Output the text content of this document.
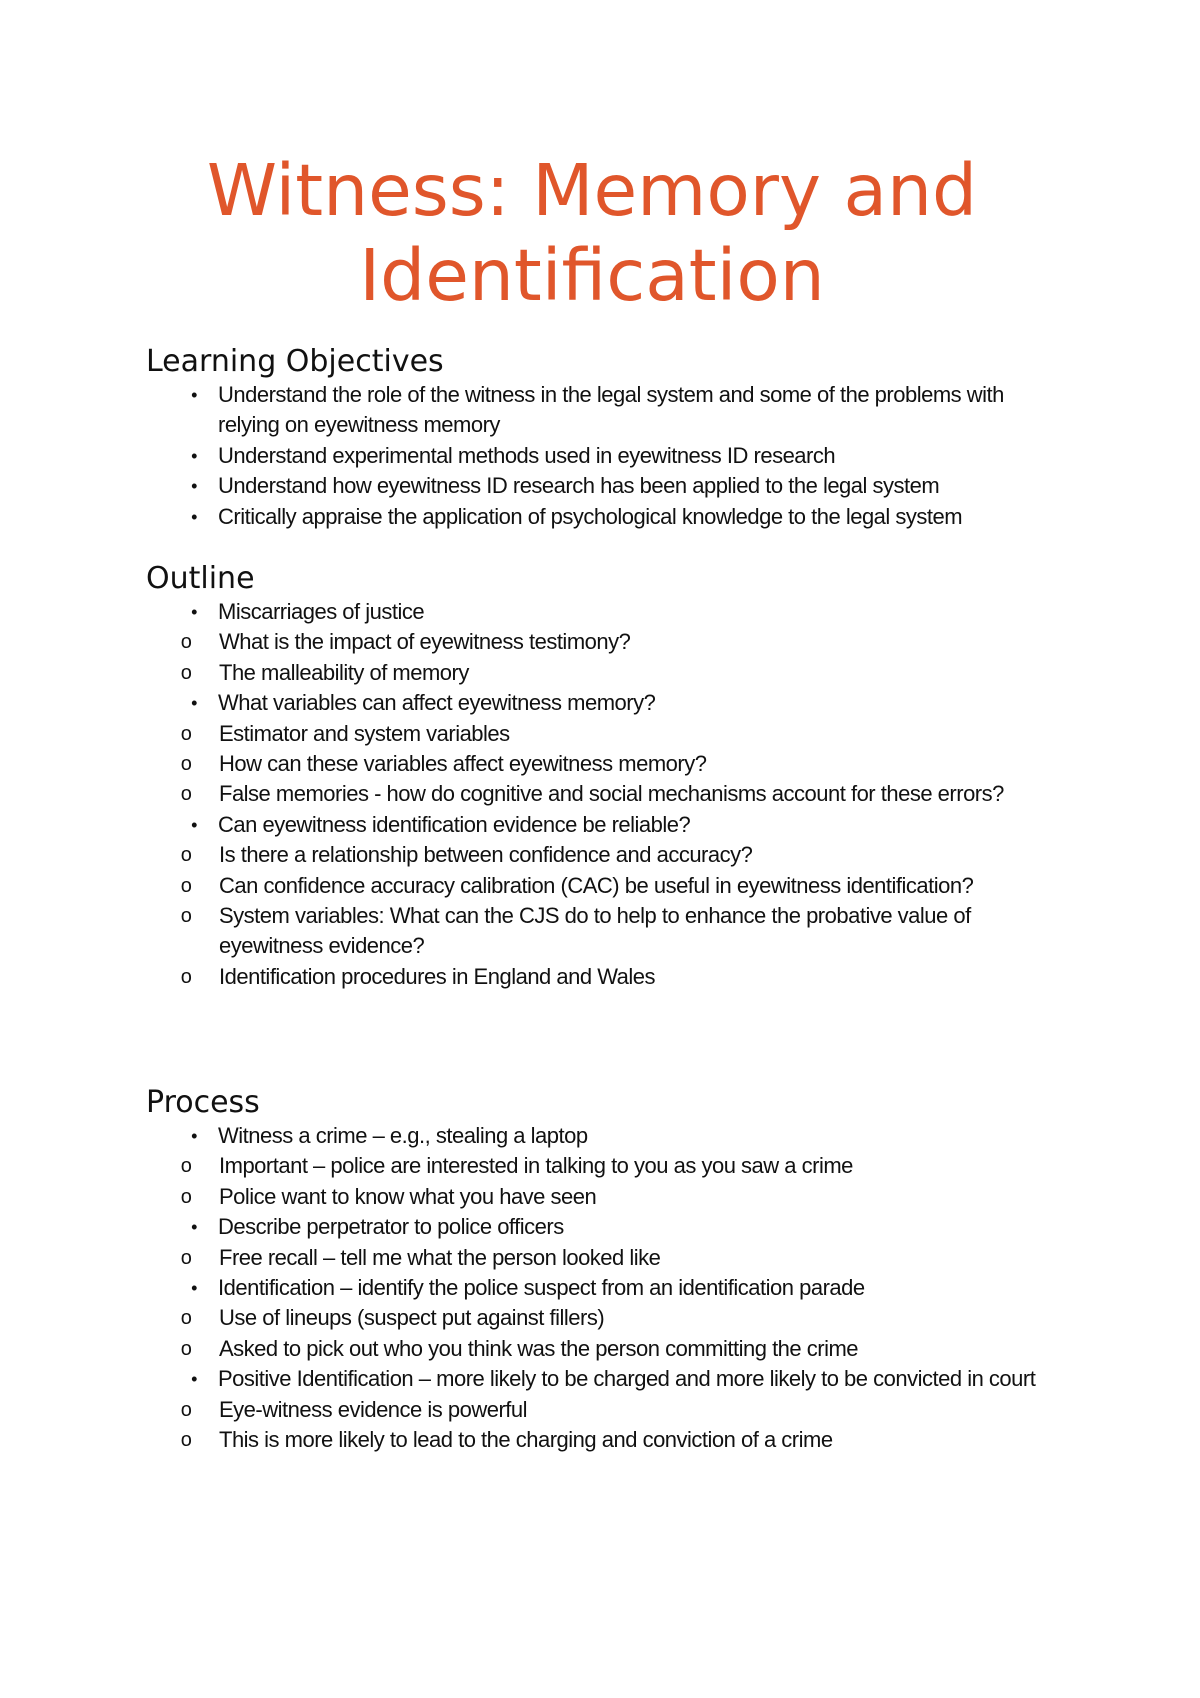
Witness: Memory and
Identification
Learning Objectives
• Understand the role of the witness in the legal system and some of the problems with relying on eyewitness memory
• Understand experimental methods used in eyewitness ID research
• Understand how eyewitness ID research has been applied to the legal system
• Critically appraise the application of psychological knowledge to the legal system
Outline
• Miscarriages of justice
o What is the impact of eyewitness testimony?
o The malleability of memory
• What variables can affect eyewitness memory?
o Estimator and system variables
o How can these variables affect eyewitness memory?
o False memories - how do cognitive and social mechanisms account for these errors?
• Can eyewitness identification evidence be reliable?
o Is there a relationship between confidence and accuracy?
o Can confidence accuracy calibration (CAC) be useful in eyewitness identification?
o System variables: What can the CJS do to help to enhance the probative value of eyewitness evidence?
o Identification procedures in England and Wales
Process
• Witness a crime – e.g., stealing a laptop
o Important – police are interested in talking to you as you saw a crime
o Police want to know what you have seen
• Describe perpetrator to police officers
o Free recall – tell me what the person looked like
• Identification – identify the police suspect from an identification parade
o Use of lineups (suspect put against fillers)
o Asked to pick out who you think was the person committing the crime
• Positive Identification – more likely to be charged and more likely to be convicted in court
o Eye-witness evidence is powerful
o This is more likely to lead to the charging and conviction of a crime
